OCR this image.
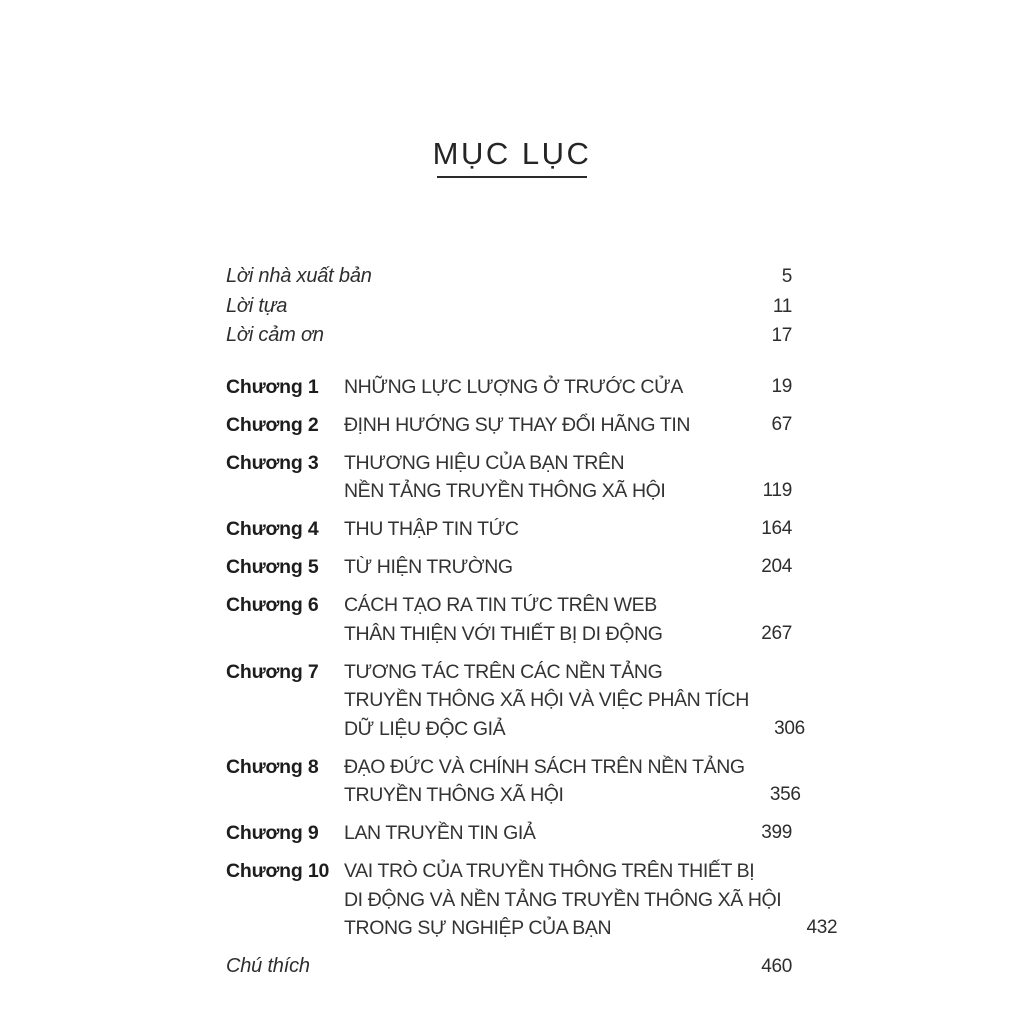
MỤC LỤC
Lời nhà xuất bản	5
Lời tựa	11
Lời cảm ơn	17
Chương 1	NHỮNG LỰC LƯỢNG Ở TRƯỚC CỬA	19
Chương 2	ĐỊNH HƯỚNG SỰ THAY ĐỔI HÃNG TIN	67
Chương 3	THƯƠNG HIỆU CỦA BẠN TRÊN
NỀN TẢNG TRUYỀN THÔNG XÃ HỘI	119
Chương 4	THU THẬP TIN TỨC	164
Chương 5	TỪ HIỆN TRƯỜNG	204
Chương 6	CÁCH TẠO RA TIN TỨC TRÊN WEB
THÂN THIỆN VỚI THIẾT BỊ DI ĐỘNG	267
Chương 7	TƯƠNG TÁC TRÊN CÁC NỀN TẢNG
TRUYỀN THÔNG XÃ HỘI VÀ VIỆC PHÂN TÍCH
DỮ LIỆU ĐỘC GIẢ	306
Chương 8	ĐẠO ĐỨC VÀ CHÍNH SÁCH TRÊN NỀN TẢNG
TRUYỀN THÔNG XÃ HỘI	356
Chương 9	LAN TRUYỀN TIN GIẢ	399
Chương 10 VAI TRÒ CỦA TRUYỀN THÔNG TRÊN THIẾT BỊ
DI ĐỘNG VÀ NỀN TẢNG TRUYỀN THÔNG XÃ HỘI
TRONG SỰ NGHIỆP CỦA BẠN	432
Chú thích	460
